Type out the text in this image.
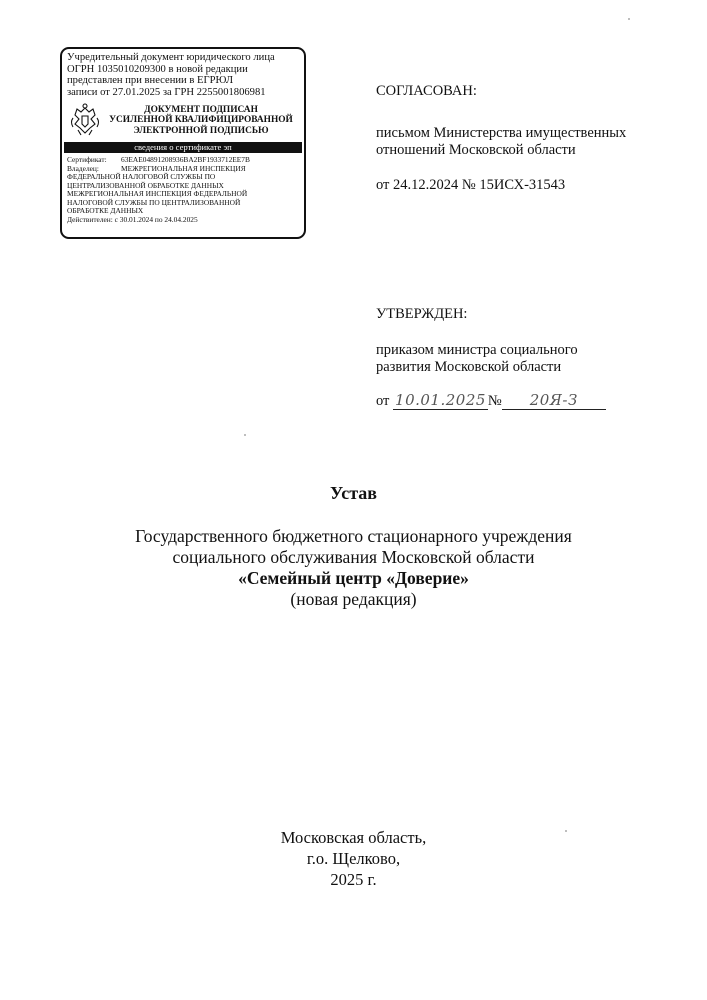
Учредительный документ юридического лица
ОГРН 1035010209300 в новой редакции
представлен при внесении в ЕГРЮЛ
записи от 27.01.2025 за ГРН 2255001806981
ДОКУМЕНТ ПОДПИСАН
УСИЛЕННОЙ КВАЛИФИЦИРОВАННОЙ
ЭЛЕКТРОННОЙ ПОДПИСЬЮ
сведения о сертификате эп
Сертификат:	63EAE04891208936BA2BF1933712EE7B
Владелец:	МЕЖРЕГИОНАЛЬНАЯ ИНСПЕКЦИЯ
ФЕДЕРАЛЬНОЙ НАЛОГОВОЙ СЛУЖБЫ ПО
ЦЕНТРАЛИЗОВАННОЙ ОБРАБОТКЕ ДАННЫХ
МЕЖРЕГИОНАЛЬНАЯ ИНСПЕКЦИЯ ФЕДЕРАЛЬНОЙ
НАЛОГОВОЙ СЛУЖБЫ ПО ЦЕНТРАЛИЗОВАННОЙ
ОБРАБОТКЕ ДАННЫХ
Действителен:
с 30.01.2024 по 24.04.2025

СОГЛАСОВАН:

письмом Министерства имущественных

отношений Московской области

от 24.12.2024 № 15ИСХ-31543

УТВЕРЖДЕН:

приказом министра социального

развития Московской области

от
10.01.2025 №	20Я-З
Устав
Государственного бюджетного стационарного учреждения
социального обслуживания Московской области
«Семейный центр «Доверие»
(новая редакция)
Московская область,
г.о. Щелково,
2025 г.
